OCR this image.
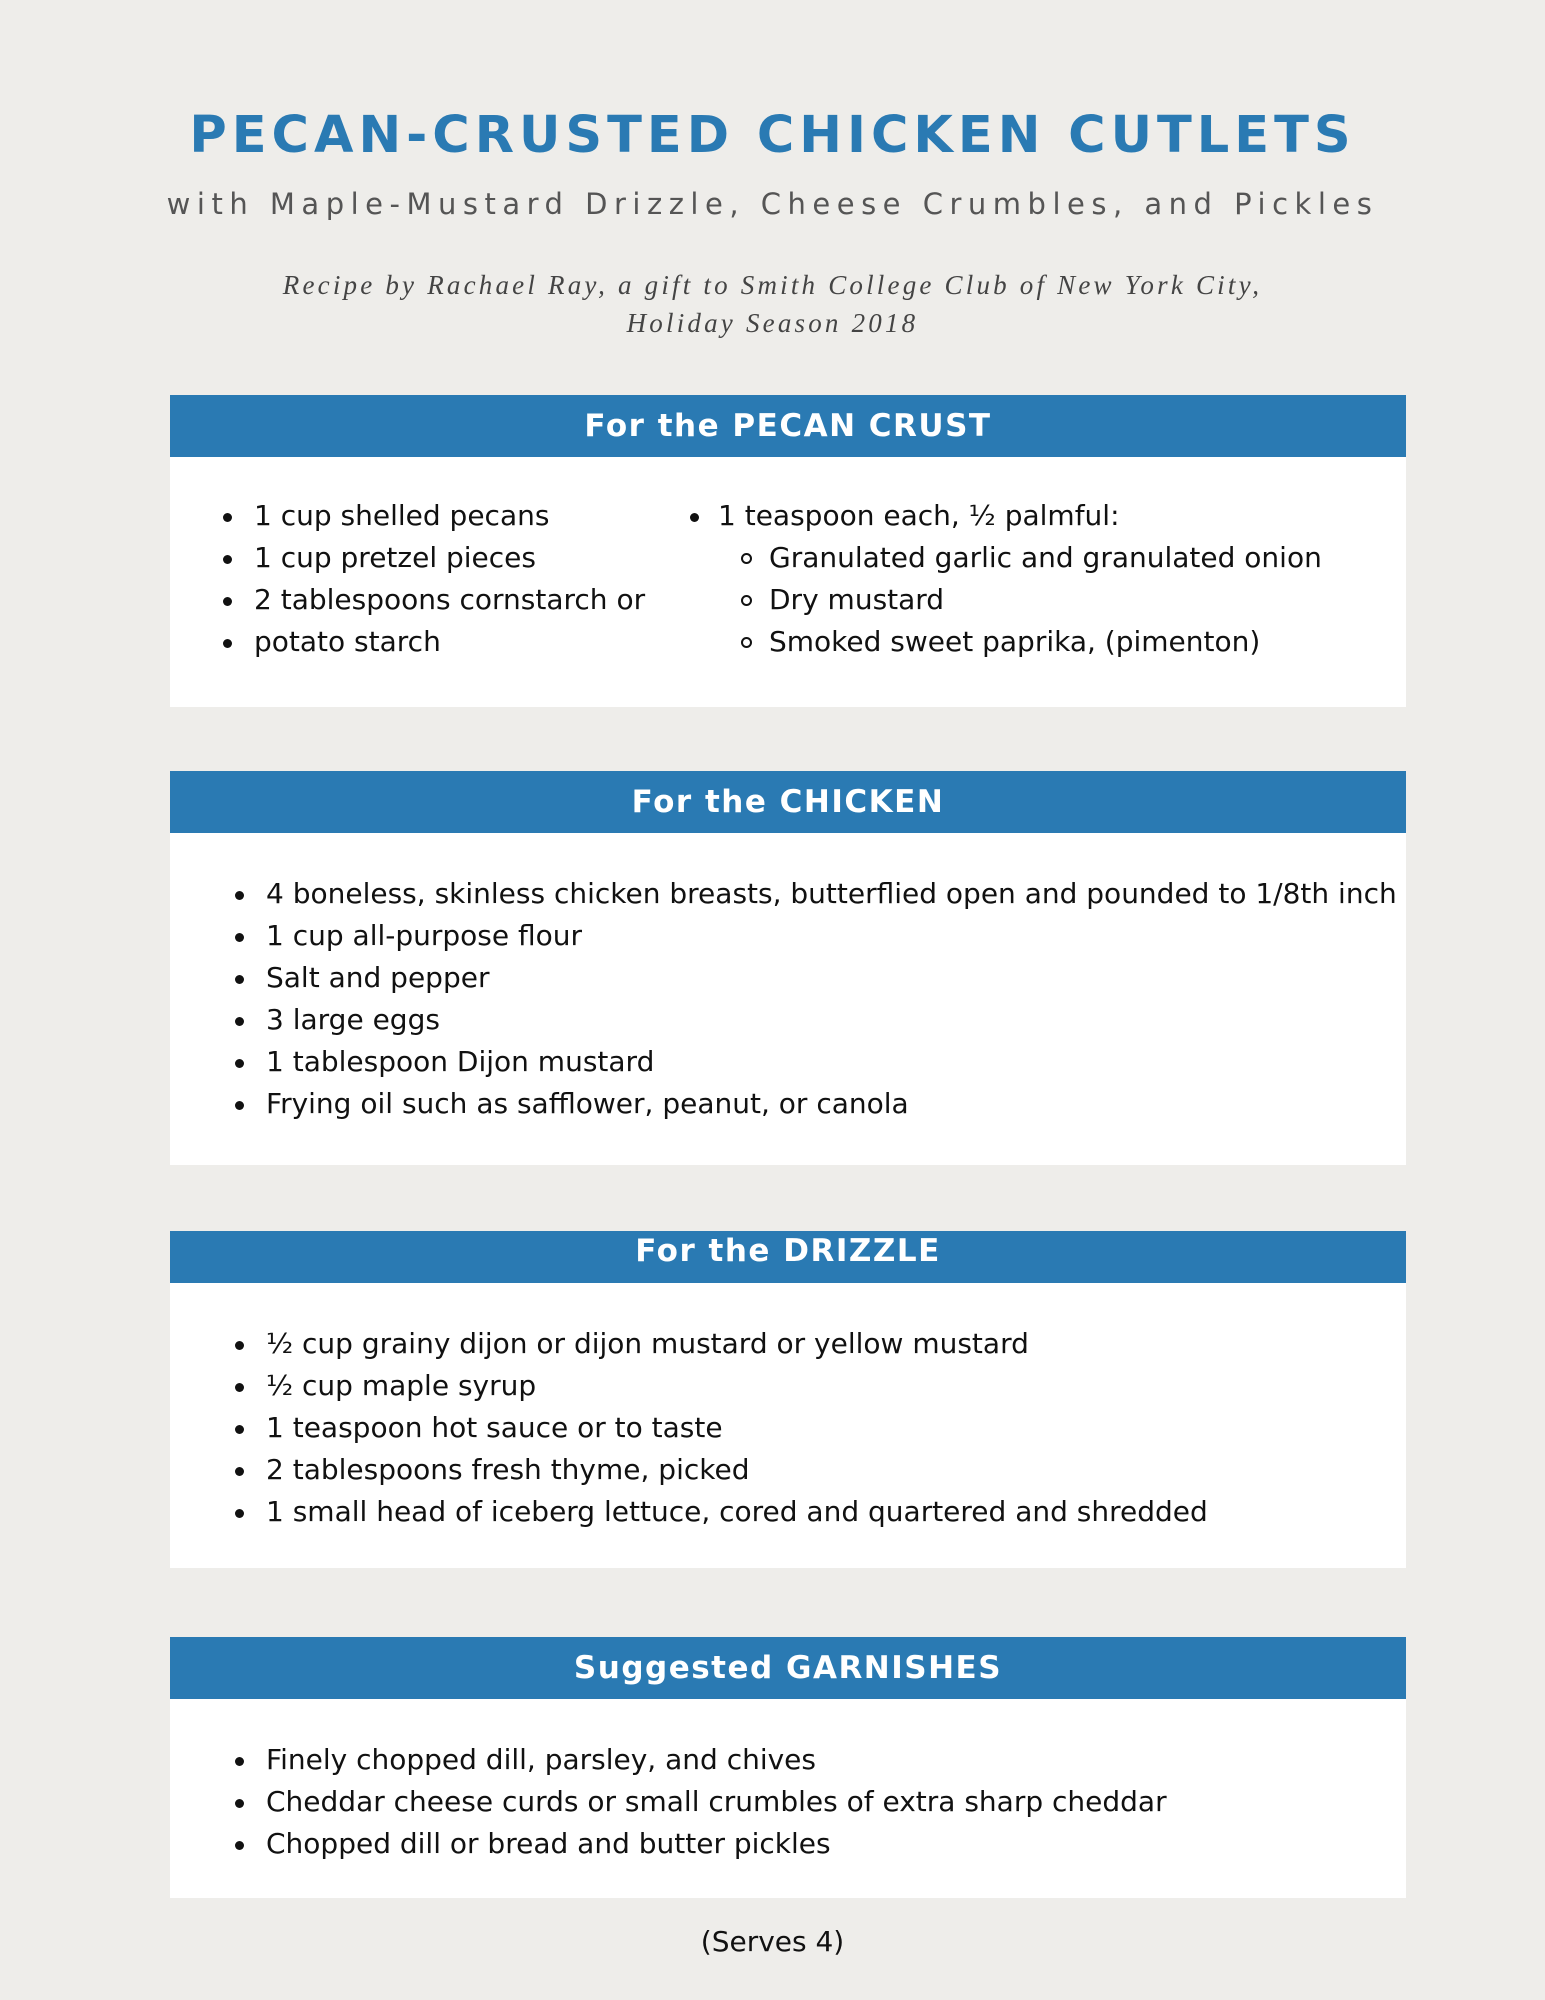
PECAN-CRUSTED CHICKEN CUTLETS
with Maple-Mustard Drizzle, Cheese Crumbles, and Pickles
Recipe by Rachael Ray, a gift to Smith College Club of New York City,
Holiday Season 2018
For the PECAN CRUST
1 cup shelled pecans
1 cup pretzel pieces
2 tablespoons cornstarch or
potato starch
1 teaspoon each, ½ palmful:
Granulated garlic and granulated onion
Dry mustard
Smoked sweet paprika, (pimenton)
For the CHICKEN
4 boneless, skinless chicken breasts, butterflied open and pounded to 1/8th inch
1 cup all-purpose flour
Salt and pepper
3 large eggs
1 tablespoon Dijon mustard
Frying oil such as safflower, peanut, or canola
For the DRIZZLE
½ cup grainy dijon or dijon mustard or yellow mustard
½ cup maple syrup
1 teaspoon hot sauce or to taste
2 tablespoons fresh thyme, picked
1 small head of iceberg lettuce, cored and quartered and shredded
Suggested GARNISHES
Finely chopped dill, parsley, and chives
Cheddar cheese curds or small crumbles of extra sharp cheddar
Chopped dill or bread and butter pickles
(Serves 4)
